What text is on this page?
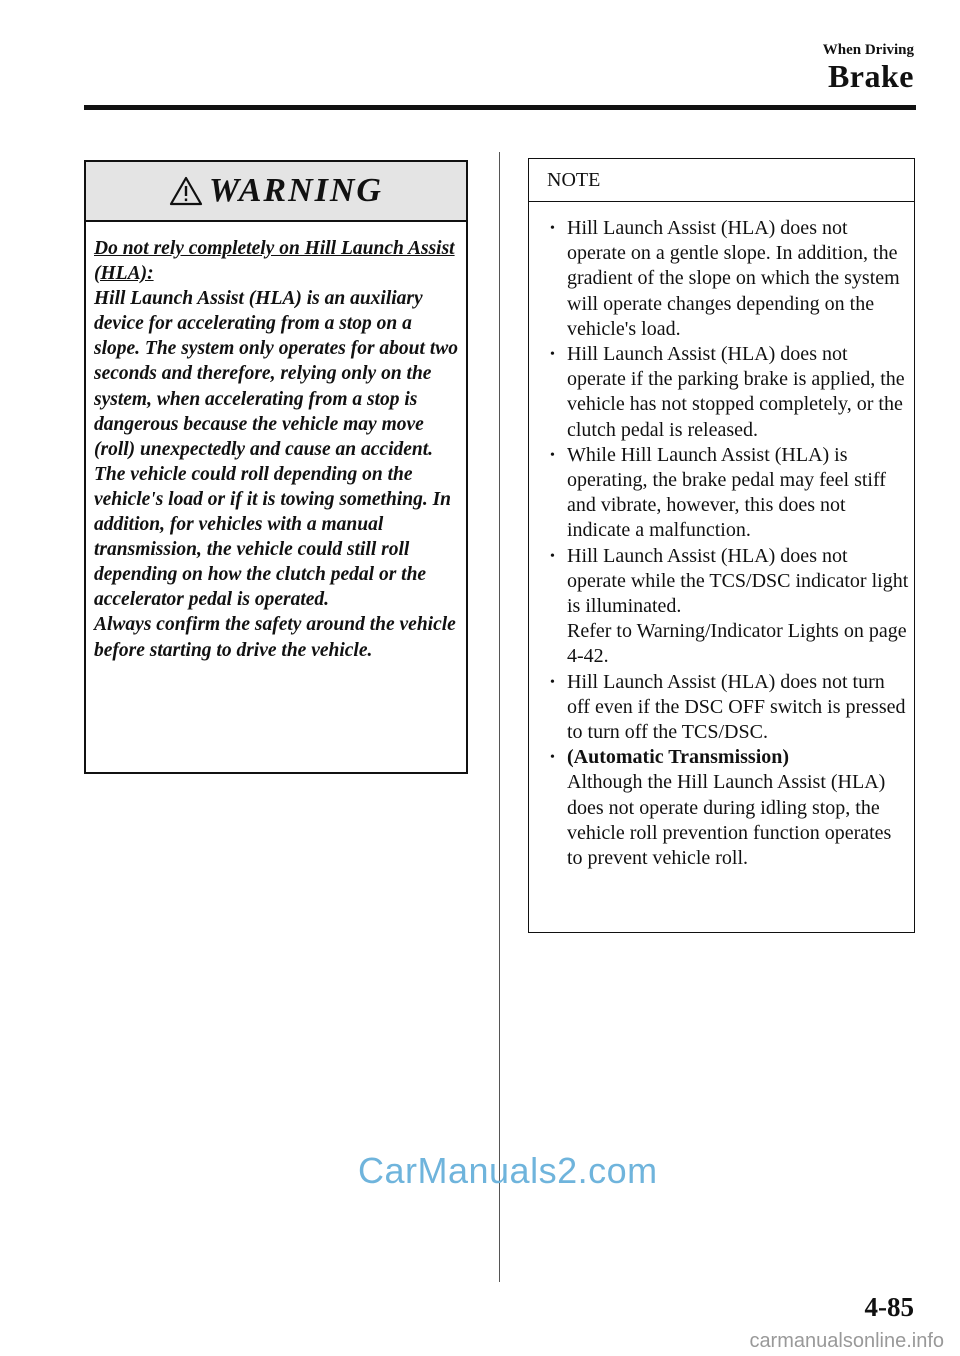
When Driving
Brake
WARNING

Do not rely completely on Hill Launch Assist (HLA):

Hill Launch Assist (HLA) is an auxiliary device for accelerating from a stop on a slope. The system only operates for about two seconds and therefore, relying only on the system, when accelerating from a stop is dangerous because the vehicle may move (roll) unexpectedly and cause an accident.

The vehicle could roll depending on the vehicle's load or if it is towing something. In addition, for vehicles with a manual transmission, the vehicle could still roll depending on how the clutch pedal or the accelerator pedal is operated.

Always confirm the safety around the vehicle before starting to drive the vehicle.

NOTE
• Hill Launch Assist (HLA) does not operate on a gentle slope. In addition, the gradient of the slope on which the system will operate changes depending on the vehicle's load.
• Hill Launch Assist (HLA) does not operate if the parking brake is applied, the vehicle has not stopped completely, or the clutch pedal is released.
• While Hill Launch Assist (HLA) is operating, the brake pedal may feel stiff and vibrate, however, this does not indicate a malfunction.
• Hill Launch Assist (HLA) does not operate while the TCS/DSC indicator light is illuminated.
Refer to Warning/Indicator Lights on page 4-42.
• Hill Launch Assist (HLA) does not turn off even if the DSC OFF switch is pressed to turn off the TCS/DSC.
• (Automatic Transmission)
Although the Hill Launch Assist (HLA) does not operate during idling stop, the vehicle roll prevention function operates to prevent vehicle roll.
CarManuals2.com
4-85
carmanualsonline.info
